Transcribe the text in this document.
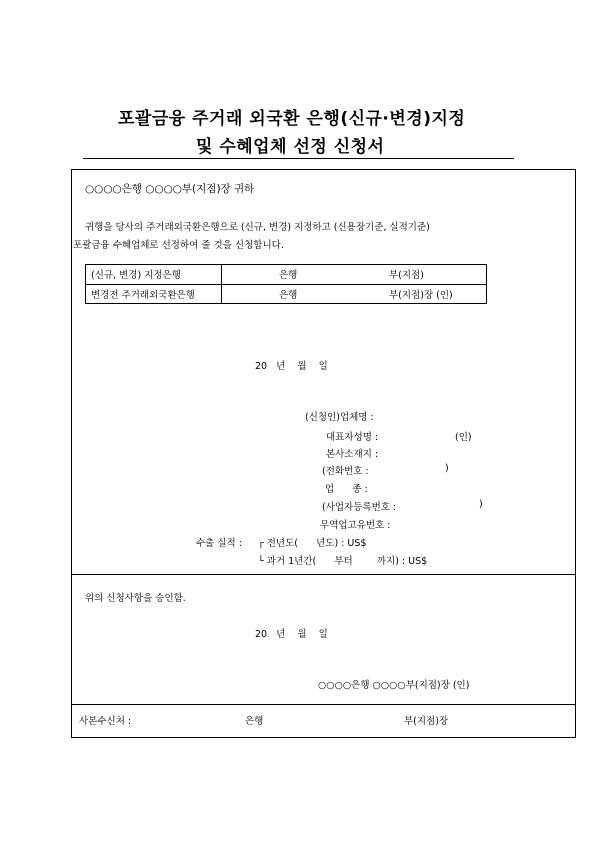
포괄금융 주거래 외국환 은행(신규·변경)지정
및 수혜업체 선정 신청서
○○○○은행 ○○○○부(지점)장 귀하
귀행을 당사의 주거래외국환은행으로 (신규, 변경) 지정하고 (신용장기준, 실적기준)
포괄금융 수혜업체로 선정하여 줄 것을 신청합니다.
(신규, 변경) 지정은행	은행	부(지점)
변경전 주거래외국환은행	은행	부(지점)장 (인)
20   년    월    일
(신청인)업체명 :
대표자성명 :	(인)
본사소재지 :
(전화번호 :	)
업      종 :
(사업자등록번호 :	)
무역업고유번호 :
수출 실적 : ┌ 전년도(      년도) : US$
└ 과거 1년간(      부터        까지) : US$
위의 신청사항을 승인함.
20   년    월    일
○○○○은행 ○○○○부(지점)장 (인)
사본수신처 :	은행	부(지점)장
